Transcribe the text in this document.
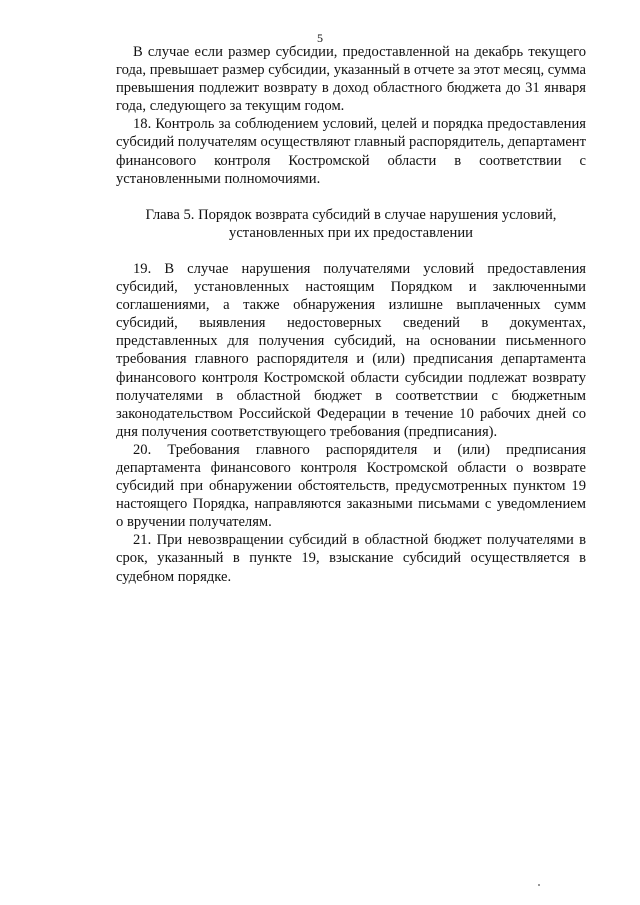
5

В случае если размер субсидии, предоставленной на декабрь текущего года, превышает размер субсидии, указанный в отчете за этот месяц, сумма превышения подлежит возврату в доход областного бюджета до 31 января года, следующего за текущим годом.

18. Контроль за соблюдением условий, целей и порядка предоставления субсидий получателям осуществляют главный распорядитель, департамент финансового контроля Костромской области в соответствии с установленными полномочиями.

Глава 5. Порядок возврата субсидий в случае нарушения условий,
установленных при их предоставлении

19. В случае нарушения получателями условий предоставления субсидий, установленных настоящим Порядком и заключенными соглашениями, а также обнаружения излишне выплаченных сумм субсидий, выявления недостоверных сведений в документах, представленных для получения субсидий, на основании письменного требования главного распорядителя и (или) предписания департамента финансового контроля Костромской области субсидии подлежат возврату получателями в областной бюджет в соответствии с бюджетным законодательством Российской Федерации в течение 10 рабочих дней со дня получения соответствующего требования (предписания).

20. Требования главного распорядителя и (или) предписания департамента финансового контроля Костромской области о возврате субсидий при обнаружении обстоятельств, предусмотренных пунктом 19 настоящего Порядка, направляются заказными письмами с уведомлением о вручении получателям.

21. При невозвращении субсидий в областной бюджет получателями в срок, указанный в пункте 19, взыскание субсидий осуществляется в судебном порядке.
